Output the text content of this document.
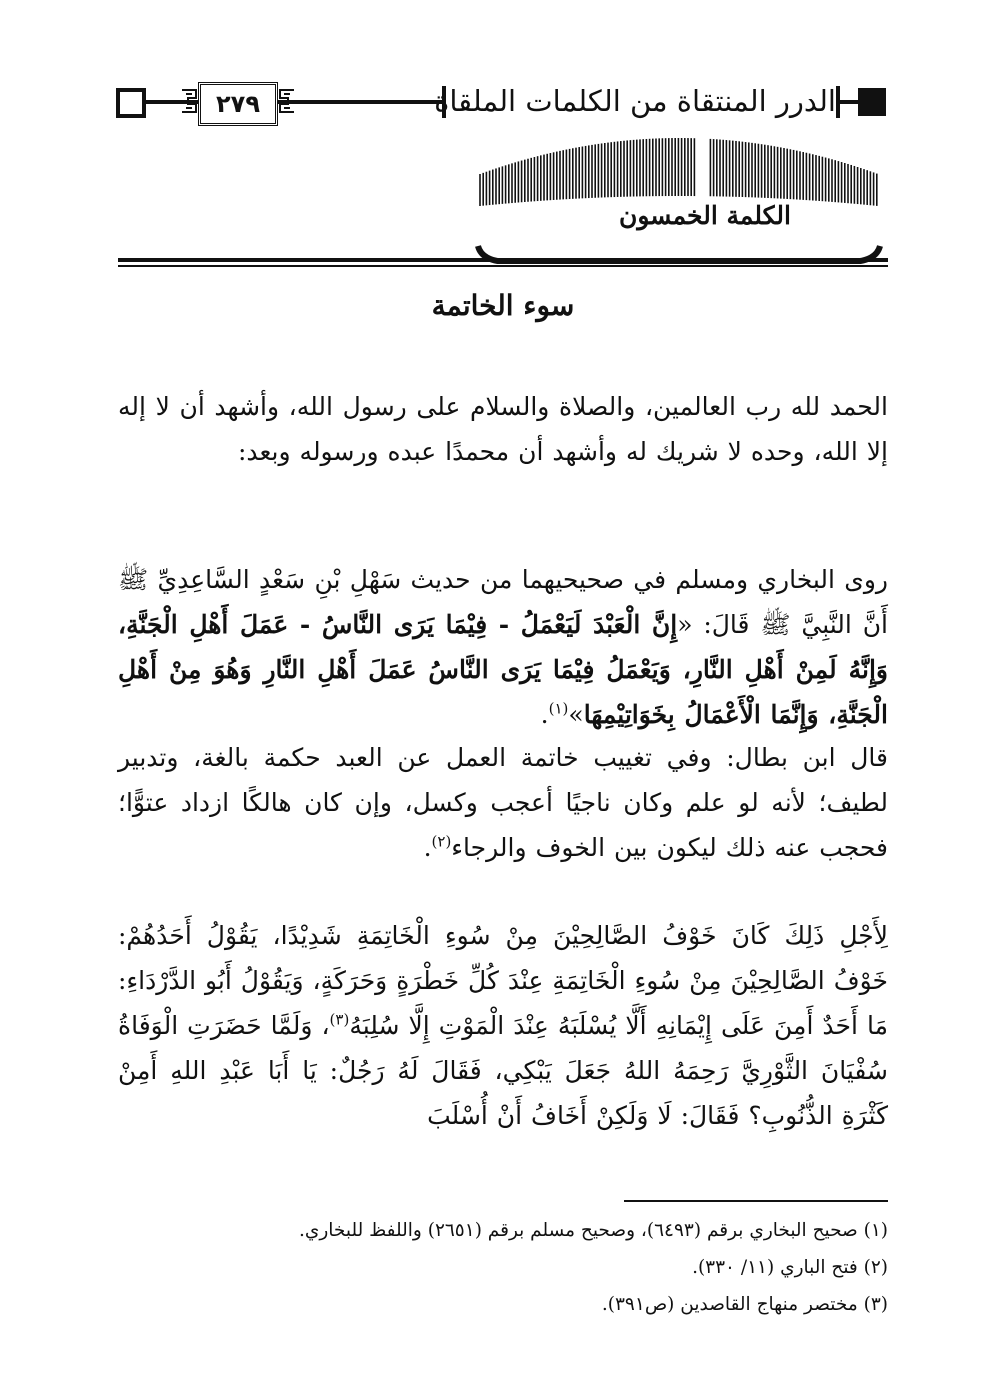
٢٧٩	الدرر المنتقاة من الكلمات الملقاة
الكلمة الخمسون
سوء الخاتمة

الحمد لله رب العالمين، والصلاة والسلام على رسول الله، وأشهد أن لا إله إلا الله، وحده لا شريك له وأشهد أن محمدًا عبده ورسوله وبعد:

روى البخاري ومسلم في صحيحيهما من حديث سَهْلِ بْنِ سَعْدٍ السَّاعِدِيِّ ﷺ أَنَّ النَّبِيَّ ﷺ قَالَ: «إِنَّ الْعَبْدَ لَيَعْمَلُ - فِيْمَا يَرَى النَّاسُ - عَمَلَ أَهْلِ الْجَنَّةِ، وَإِنَّهُ لَمِنْ أَهْلِ النَّارِ، وَيَعْمَلُ فِيْمَا يَرَى النَّاسُ عَمَلَ أَهْلِ النَّارِ وَهُوَ مِنْ أَهْلِ الْجَنَّةِ، وَإِنَّمَا الْأَعْمَالُ بِخَوَاتِيْمِهَا»$^{(١)}$.

قال ابن بطال: وفي تغييب خاتمة العمل عن العبد حكمة بالغة، وتدبير لطيف؛ لأنه لو علم وكان ناجيًا أعجب وكسل، وإن كان هالكًا ازداد عتوًّا؛ فحجب عنه ذلك ليكون بين الخوف والرجاء$^{(٢)}$.

لِأَجْلِ ذَلِكَ كَانَ خَوْفُ الصَّالِحِيْنَ مِنْ سُوءِ الْخَاتِمَةِ شَدِيْدًا، يَقُوْلُ أَحَدُهُمْ: خَوْفُ الصَّالِحِيْنَ مِنْ سُوءِ الْخَاتِمَةِ عِنْدَ كُلِّ خَطْرَةٍ وَحَرَكَةٍ، وَيَقُوْلُ أَبُو الدَّرْدَاءِ: مَا أَحَدٌ أَمِنَ عَلَى إِيْمَانِهِ أَلَّا يُسْلَبَهُ عِنْدَ الْمَوْتِ إِلَّا سُلِبَهُ$^{(٣)}$، وَلَمَّا حَضَرَتِ الْوَفَاةُ سُفْيَانَ الثَّوْرِيَّ رَحِمَهُ اللهُ جَعَلَ يَبْكِي، فَقَالَ لَهُ رَجُلٌ: يَا أَبَا عَبْدِ اللهِ أَمِنْ كَثْرَةِ الذُّنُوبِ؟ فَقَالَ: لَا وَلَكِنْ أَخَافُ أَنْ أُسْلَبَ

(١) صحيح البخاري برقم (٦٤٩٣)، وصحيح مسلم برقم (٢٦٥١) واللفظ للبخاري.
(٢) فتح الباري (١١/ ٣٣٠).
(٣) مختصر منهاج القاصدين (ص٣٩١).
